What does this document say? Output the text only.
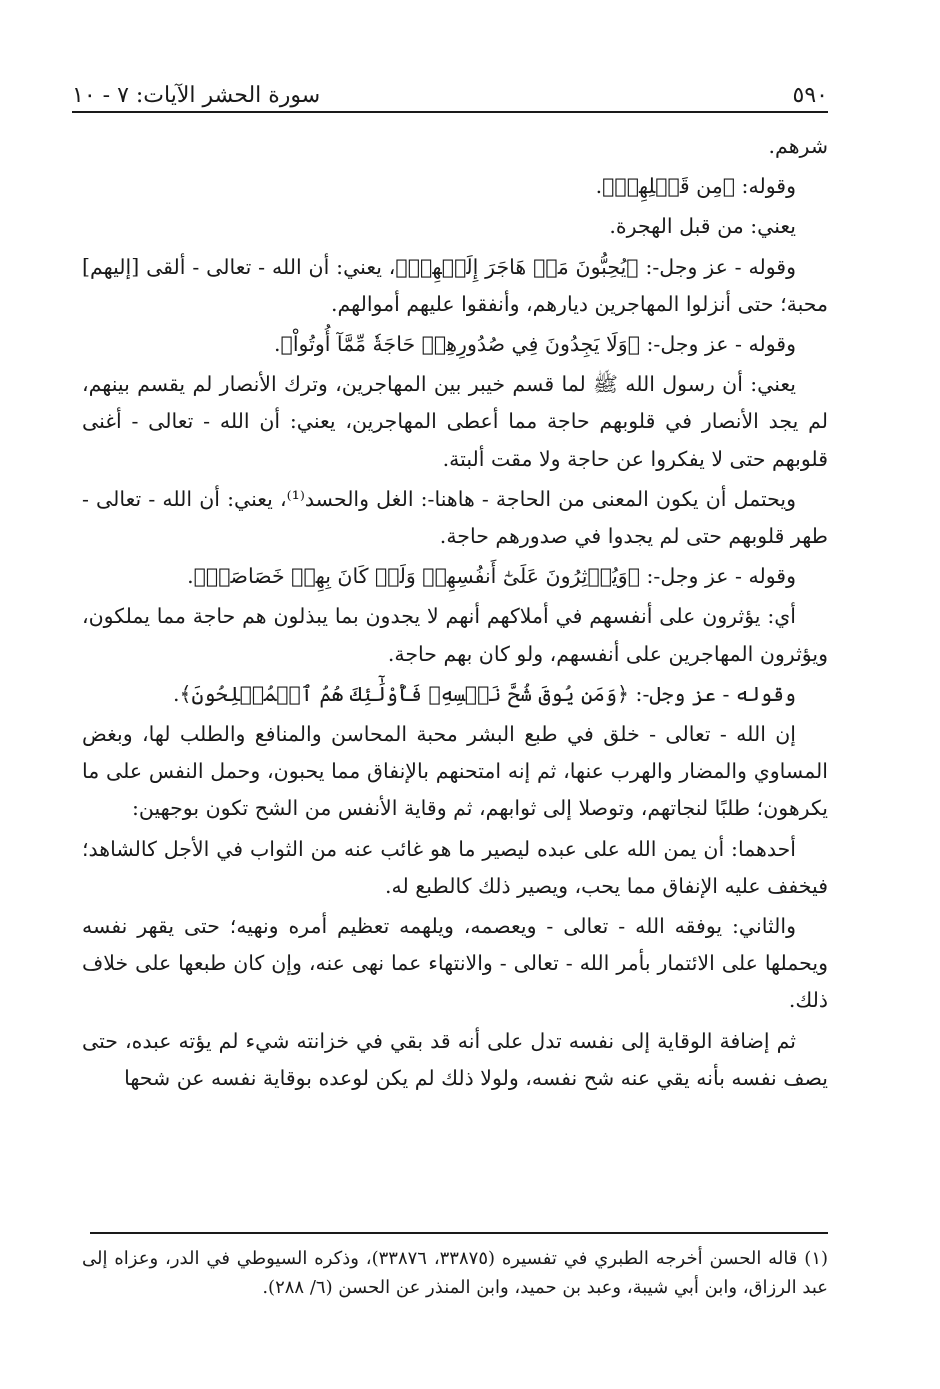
٥٩٠
سورة الحشر الآيات: ٧ - ١٠

شرهم.

وقوله: ﴿مِن قَبۡلِهِمۡ﴾.

يعني: من قبل الهجرة.

وقوله - عز وجل-: ﴿يُحِبُّونَ مَنۡ هَاجَرَ إِلَيۡهِمۡ﴾، يعني: أن الله - تعالى - ألقى [إليهم] محبة؛ حتى أنزلوا المهاجرين ديارهم، وأنفقوا عليهم أموالهم.

وقوله - عز وجل-: ﴿وَلَا يَجِدُونَ فِي صُدُورِهِمۡ حَاجَةٗ مِّمَّآ أُوتُواْ﴾.

يعني: أن رسول الله ﷺ لما قسم خيبر بين المهاجرين، وترك الأنصار لم يقسم بينهم، لم يجد الأنصار في قلوبهم حاجة مما أعطى المهاجرين، يعني: أن الله - تعالى - أغنى قلوبهم حتى لا يفكروا عن حاجة ولا مقت ألبتة.

ويحتمل أن يكون المعنى من الحاجة - هاهنا-: الغل والحسد⁽¹⁾، يعني: أن الله - تعالى - طهر قلوبهم حتى لم يجدوا في صدورهم حاجة.

وقوله - عز وجل-: ﴿وَيُؤۡثِرُونَ عَلَىٰٓ أَنفُسِهِمۡ وَلَوۡ كَانَ بِهِمۡ خَصَاصَةٞ﴾.

أي: يؤثرون على أنفسهم في أملاكهم أنهم لا يجدون بما يبذلون هم حاجة مما يملكون، ويؤثرون المهاجرين على أنفسهم، ولو كان بهم حاجة.

وقوله - عز وجل-: ﴿وَمَن يُوقَ شُحَّ نَفۡسِهِۦ فَأُوْلَٰٓئِكَ هُمُ ٱلۡمُفۡلِحُونَ﴾.

إن الله - تعالى - خلق في طبع البشر محبة المحاسن والمنافع والطلب لها، وبغض المساوي والمضار والهرب عنها، ثم إنه امتحنهم بالإنفاق مما يحبون، وحمل النفس على ما يكرهون؛ طلبًا لنجاتهم، وتوصلا إلى ثوابهم، ثم وقاية الأنفس من الشح تكون بوجهين:

أحدهما: أن يمن الله على عبده ليصير ما هو غائب عنه من الثواب في الأجل كالشاهد؛ فيخفف عليه الإنفاق مما يحب، ويصير ذلك كالطبع له.

والثاني: يوفقه الله - تعالى - ويعصمه، ويلهمه تعظيم أمره ونهيه؛ حتى يقهر نفسه ويحملها على الائتمار بأمر الله - تعالى - والانتهاء عما نهى عنه، وإن كان طبعها على خلاف ذلك.

ثم إضافة الوقاية إلى نفسه تدل على أنه قد بقي في خزانته شيء لم يؤته عبده، حتى يصف نفسه بأنه يقي عنه شح نفسه، ولولا ذلك لم يكن لوعده بوقاية نفسه عن شحها

(١) قاله الحسن أخرجه الطبري في تفسيره (٣٣٨٧٥، ٣٣٨٧٦)، وذكره السيوطي في الدر، وعزاه إلى عبد الرزاق، وابن أبي شيبة، وعبد بن حميد، وابن المنذر عن الحسن (٦/ ٢٨٨).
